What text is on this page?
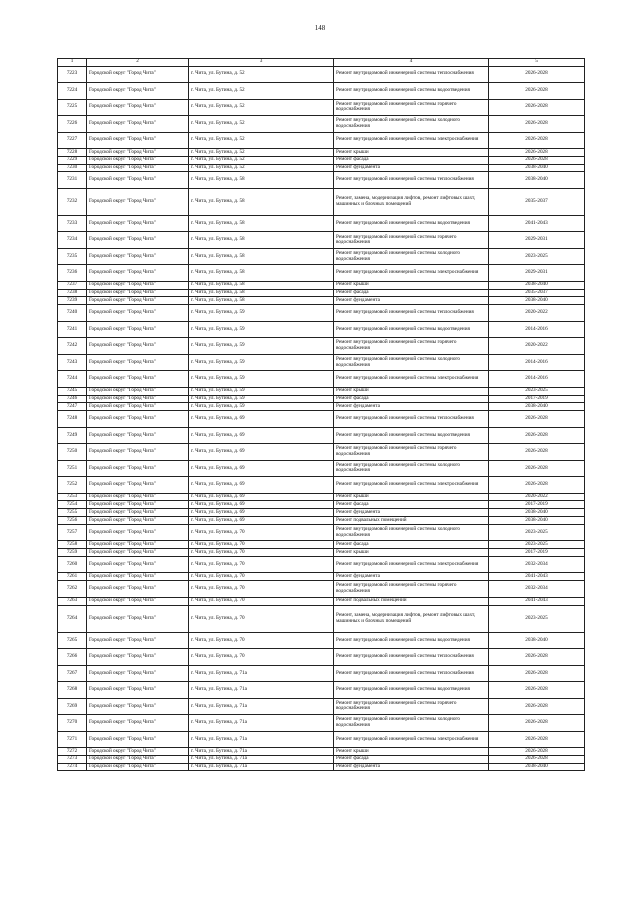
148
1	2	3	4	5
7223	Городской округ "Город Чита"	г. Чита, ул. Бутина, д. 52	Ремонт внутридомовой инженерной системы теплоснабжения	2026-2028
7224	Городской округ "Город Чита"	г. Чита, ул. Бутина, д. 52	Ремонт внутридомовой инженерной системы водоотведения	2026-2028
7225	Городской округ "Город Чита"	г. Чита, ул. Бутина, д. 52	Ремонт внутридомовой инженерной системы горячего водоснабжения	2026-2028
7226	Городской округ "Город Чита"	г. Чита, ул. Бутина, д. 52	Ремонт внутридомовой инженерной системы холодного водоснабжения	2026-2028
7227	Городской округ "Город Чита"	г. Чита, ул. Бутина, д. 52	Ремонт внутридомовой инженерной системы электроснабжения	2026-2028
7228	Городской округ "Город Чита"	г. Чита, ул. Бутина, д. 52	Ремонт крыши	2026-2028
7229	Городской округ "Город Чита"	г. Чита, ул. Бутина, д. 52	Ремонт фасада	2026-2028
7230	Городской округ "Город Чита"	г. Чита, ул. Бутина, д. 52	Ремонт фундамента	2038-2040
7231	Городской округ "Город Чита"	г. Чита, ул. Бутина, д. 58	Ремонт внутридомовой инженерной системы теплоснабжения	2038-2040
7232	Городской округ "Город Чита"	г. Чита, ул. Бутина, д. 58	Ремонт, замена, модернизация лифтов, ремонт лифтовых шахт, машинных и блочных помещений	2035-2037
7233	Городской округ "Город Чита"	г. Чита, ул. Бутина, д. 58	Ремонт внутридомовой инженерной системы водоотведения	2041-2043
7234	Городской округ "Город Чита"	г. Чита, ул. Бутина, д. 58	Ремонт внутридомовой инженерной системы горячего водоснабжения	2029-2031
7235	Городской округ "Город Чита"	г. Чита, ул. Бутина, д. 58	Ремонт внутридомовой инженерной системы холодного водоснабжения	2023-2025
7236	Городской округ "Город Чита"	г. Чита, ул. Бутина, д. 58	Ремонт внутридомовой инженерной системы электроснабжения	2029-2031
7237	Городской округ "Город Чита"	г. Чита, ул. Бутина, д. 58	Ремонт крыши	2038-2040
7238	Городской округ "Город Чита"	г. Чита, ул. Бутина, д. 58	Ремонт фасада	2035-2037
7239	Городской округ "Город Чита"	г. Чита, ул. Бутина, д. 58	Ремонт фундамента	2038-2040
7240	Городской округ "Город Чита"	г. Чита, ул. Бутина, д. 59	Ремонт внутридомовой инженерной системы теплоснабжения	2020-2022
7241	Городской округ "Город Чита"	г. Чита, ул. Бутина, д. 59	Ремонт внутридомовой инженерной системы водоотведения	2014-2016
7242	Городской округ "Город Чита"	г. Чита, ул. Бутина, д. 59	Ремонт внутридомовой инженерной системы горячего водоснабжения	2020-2022
7243	Городской округ "Город Чита"	г. Чита, ул. Бутина, д. 59	Ремонт внутридомовой инженерной системы холодного водоснабжения	2014-2016
7244	Городской округ "Город Чита"	г. Чита, ул. Бутина, д. 59	Ремонт внутридомовой инженерной системы электроснабжения	2014-2016
7245	Городской округ "Город Чита"	г. Чита, ул. Бутина, д. 59	Ремонт крыши	2023-2025
7246	Городской округ "Город Чита"	г. Чита, ул. Бутина, д. 59	Ремонт фасада	2017-2019
7247	Городской округ "Город Чита"	г. Чита, ул. Бутина, д. 59	Ремонт фундамента	2038-2040
7248	Городской округ "Город Чита"	г. Чита, ул. Бутина, д. 69	Ремонт внутридомовой инженерной системы теплоснабжения	2026-2028
7249	Городской округ "Город Чита"	г. Чита, ул. Бутина, д. 69	Ремонт внутридомовой инженерной системы водоотведения	2026-2028
7250	Городской округ "Город Чита"	г. Чита, ул. Бутина, д. 69	Ремонт внутридомовой инженерной системы горячего водоснабжения	2026-2028
7251	Городской округ "Город Чита"	г. Чита, ул. Бутина, д. 69	Ремонт внутридомовой инженерной системы холодного водоснабжения	2026-2028
7252	Городской округ "Город Чита"	г. Чита, ул. Бутина, д. 69	Ремонт внутридомовой инженерной системы электроснабжения	2026-2028
7253	Городской округ "Город Чита"	г. Чита, ул. Бутина, д. 69	Ремонт крыши	2020-2022
7254	Городской округ "Город Чита"	г. Чита, ул. Бутина, д. 69	Ремонт фасада	2017-2019
7255	Городской округ "Город Чита"	г. Чита, ул. Бутина, д. 69	Ремонт фундамента	2038-2040
7256	Городской округ "Город Чита"	г. Чита, ул. Бутина, д. 69	Ремонт подвальных помещений	2038-2040
7257	Городской округ "Город Чита"	г. Чита, ул. Бутина, д. 70	Ремонт внутридомовой инженерной системы холодного водоснабжения	2023-2025
7258	Городской округ "Город Чита"	г. Чита, ул. Бутина, д. 70	Ремонт фасада	2023-2025
7259	Городской округ "Город Чита"	г. Чита, ул. Бутина, д. 70	Ремонт крыши	2017-2019
7260	Городской округ "Город Чита"	г. Чита, ул. Бутина, д. 70	Ремонт внутридомовой инженерной системы электроснабжения	2032-2034
7261	Городской округ "Город Чита"	г. Чита, ул. Бутина, д. 70	Ремонт фундамента	2041-2043
7262	Городской округ "Город Чита"	г. Чита, ул. Бутина, д. 70	Ремонт внутридомовой инженерной системы горячего водоснабжения	2032-2034
7263	Городской округ "Город Чита"	г. Чита, ул. Бутина, д. 70	Ремонт подвальных помещений	2041-2043
7264	Городской округ "Город Чита"	г. Чита, ул. Бутина, д. 70	Ремонт, замена, модернизация лифтов, ремонт лифтовых шахт, машинных и блочных помещений	2023-2025
7265	Городской округ "Город Чита"	г. Чита, ул. Бутина, д. 70	Ремонт внутридомовой инженерной системы водоотведения	2038-2040
7266	Городской округ "Город Чита"	г. Чита, ул. Бутина, д. 70	Ремонт внутридомовой инженерной системы теплоснабжения	2026-2028
7267	Городской округ "Город Чита"	г. Чита, ул. Бутина, д. 71а	Ремонт внутридомовой инженерной системы теплоснабжения	2026-2028
7268	Городской округ "Город Чита"	г. Чита, ул. Бутина, д. 71а	Ремонт внутридомовой инженерной системы водоотведения	2026-2028
7269	Городской округ "Город Чита"	г. Чита, ул. Бутина, д. 71а	Ремонт внутридомовой инженерной системы горячего водоснабжения	2026-2028
7270	Городской округ "Город Чита"	г. Чита, ул. Бутина, д. 71а	Ремонт внутридомовой инженерной системы холодного водоснабжения	2026-2028
7271	Городской округ "Город Чита"	г. Чита, ул. Бутина, д. 71а	Ремонт внутридомовой инженерной системы электроснабжения	2026-2028
7272	Городской округ "Город Чита"	г. Чита, ул. Бутина, д. 71а	Ремонт крыши	2026-2028
7273	Городской округ "Город Чита"	г. Чита, ул. Бутина, д. 71а	Ремонт фасада	2026-2028
7274	Городской округ "Город Чита"	г. Чита, ул. Бутина, д. 71а	Ремонт фундамента	2038-2040
